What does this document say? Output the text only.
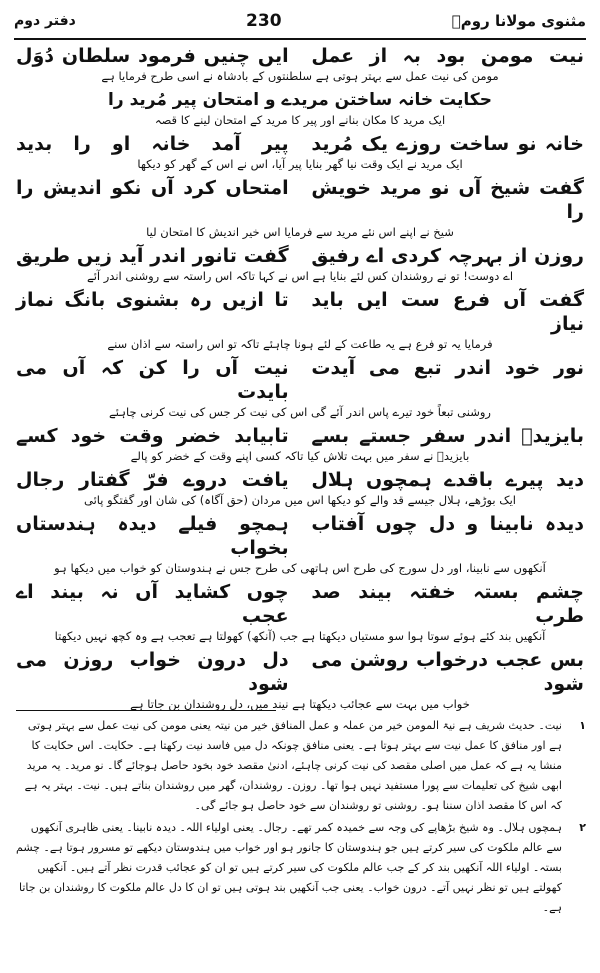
مثنوی مولانا رومؒ
230
دفتر دوم
نیت مومن بود بہ از عمل
ایں چنیں فرمود سلطان دُوَل
مومن کی نیت عمل سے بہتر ہوتی ہے سلطنتوں کے بادشاہ نے اسی طرح فرمایا ہے
حکایت خانہ ساختن مریدے و امتحان پیر مُرید را
ایک مرید کا مکان بنانے اور پیر کا مرید کے امتحان لینے کا قصہ
خانہ نو ساخت روزے یک مُرید
پیر آمد خانہ او را بدید
ایک مرید نے ایک وقت نیا گھر بنایا پیر آیا، اس نے اس کے گھر کو دیکھا
گفت شیخ آں نو مرید خویش را
امتحاں کرد آں نکو اندیش را
شیخ نے اپنے اس نئے مرید سے فرمایا اس خیر اندیش کا امتحان لیا
روزن از بہرچہ کردی اے رفیق
گفت تانور اندر آید زیں طریق
اے دوست! تو نے روشندان کس لئے بنایا ہے اس نے کہا تاکہ اس راستہ سے روشنی اندر آئے
گفت آں فرع ست ایں باید نیاز
تا ازیں رہ بشنوی بانگ نماز
فرمایا یہ تو فرع ہے یہ طاعت کے لئے ہونا چاہئے تاکہ تو اس راستہ سے اذان سنے
نور خود اندر تبع می آیدت
نیت آں را کن کہ آں می بایدت
روشنی تبعاً خود تیرے پاس اندر آئے گی اس کی نیت کر جس کی نیت کرنی چاہئے
بایزیدؒ اندر سفر جستے بسے
تابیابد خضر وقت خود کسے
بایزیدؒ نے سفر میں بہت تلاش کیا تاکہ کسی اپنے وقت کے خضر کو پالے
دید پیرے باقدے ہمچوں ہلال
یافت دروے فرّ گفتار رجال
ایک بوڑھے، ہلال جیسے قد والے کو دیکھا اس میں مردان (حق آگاہ) کی شان اور گفتگو پائی
دیدہ نابینا و دل چوں آفتاب
ہمچو فیلے دیدہ ہندستاں بخواب
آنکھوں سے نابینا، اور دل سورج کی طرح اس ہاتھی کی طرح جس نے ہندوستان کو خواب میں دیکھا ہو
چشم بستہ خفتہ بیند صد طرب
چوں کشاید آں نہ بیند اے عجب
آنکھیں بند کئے ہوئے سوتا ہوا سو مستیاں دیکھتا ہے جب (آنکھ) کھولتا ہے تعجب ہے وہ کچھ نہیں دیکھتا
بس عجب درخواب روشن می شود
دل درون خواب روزن می شود
خواب میں بہت سے عجائب دیکھتا ہے نیند میں، دل روشندان بن جاتا ہے
۱
نیت۔ حدیث شریف ہے نیۃ المومن خیر من عملہ و عمل المنافق خیر من نیتہ یعنی مومن کی نیت عمل سے بہتر ہوتی ہے اور منافق کا عمل نیت سے بہتر ہوتا ہے۔ یعنی منافق چونکہ دل میں فاسد نیت رکھتا ہے۔ حکایت۔ اس حکایت کا منشا یہ ہے کہ عمل میں اصلی مقصد کی نیت کرنی چاہئے، ادنیٰ مقصد خود بخود حاصل ہوجائے گا۔ نو مرید۔ یہ مرید ابھی شیخ کی تعلیمات سے پورا مستفید نہیں ہوا تھا۔ روزن۔ روشندان، گھر میں روشندان بناتے ہیں۔ نیت۔ بہتر یہ ہے کہ اس کا مقصد اذان سننا ہو۔ روشنی تو روشندان سے خود حاصل ہو جائے گی۔
۲
ہمچوں ہلال۔ وہ شیخ بڑھاپے کی وجہ سے خمیدہ کمر تھے۔ رجال۔ یعنی اولیاء اللہ۔ دیدہ نابینا۔ یعنی ظاہری آنکھوں سے عالم ملکوت کی سیر کرتے ہیں جو ہندوستان کا جانور ہو اور خواب میں ہندوستان دیکھے تو مسرور ہوتا ہے۔ چشم بستہ۔ اولیاء اللہ آنکھیں بند کر کے جب عالم ملکوت کی سیر کرتے ہیں تو ان کو عجائب قدرت نظر آتے ہیں۔ آنکھیں کھولتے ہیں تو نظر نہیں آتے۔ درون خواب۔ یعنی جب آنکھیں بند ہوتی ہیں تو ان کا دل عالم ملکوت کا روشندان بن جاتا ہے۔
